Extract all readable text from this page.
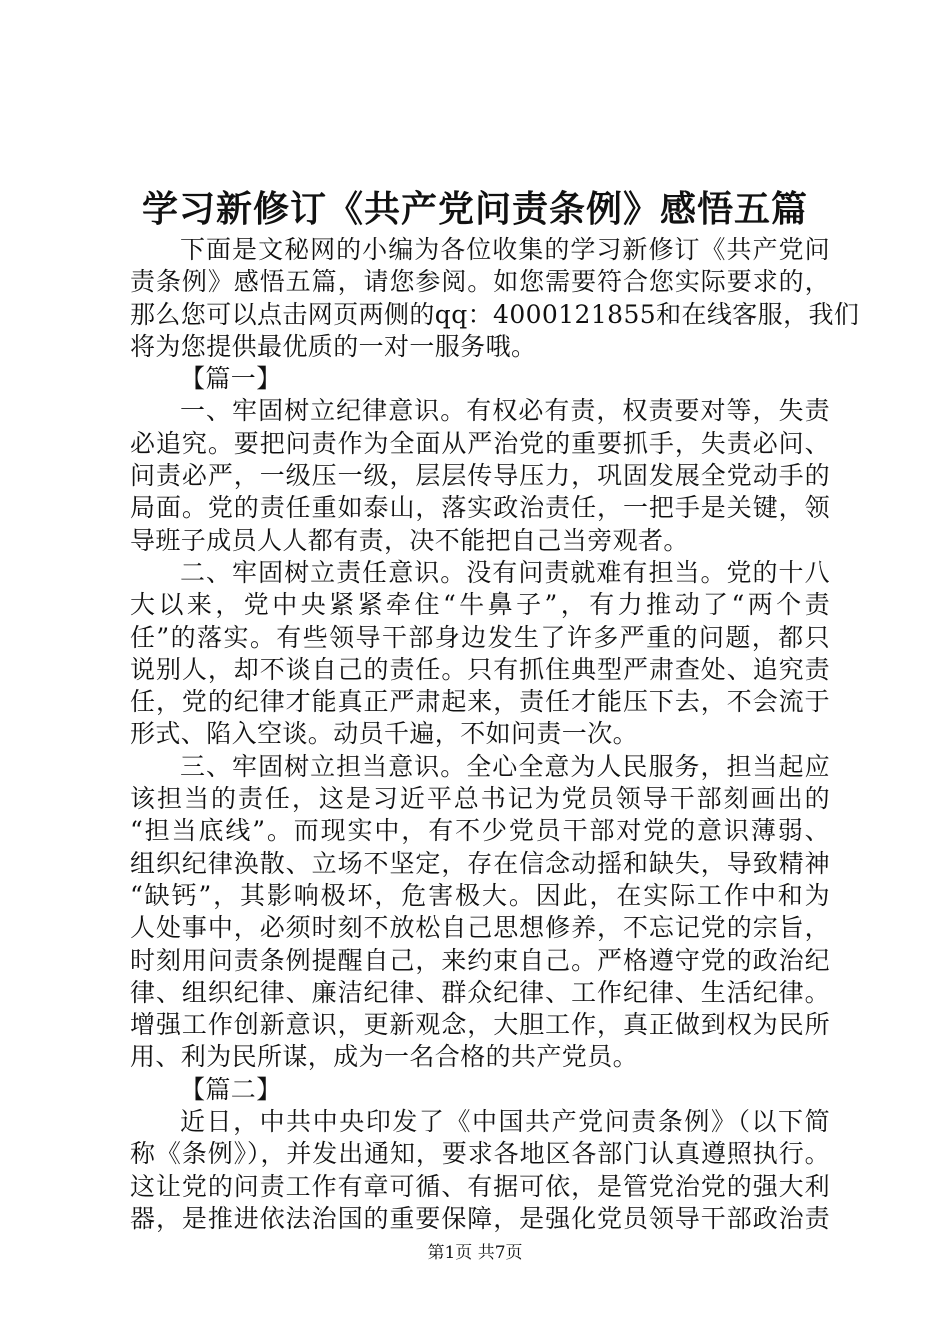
学习新修订《共产党问责条例》感悟五篇
下面是文秘网的小编为各位收集的学习新修订《共产党问
责条例》感悟五篇，请您参阅。如您需要符合您实际要求的，
那么您可以点击网页两侧的qq：4000121855和在线客服，我们
将为您提供最优质的一对一服务哦。
【篇一】
一、牢固树立纪律意识。有权必有责，权责要对等，失责
必追究。要把问责作为全面从严治党的重要抓手，失责必问、
问责必严，一级压一级，层层传导压力，巩固发展全党动手的
局面。党的责任重如泰山，落实政治责任，一把手是关键，领
导班子成员人人都有责，决不能把自己当旁观者。
二、牢固树立责任意识。没有问责就难有担当。党的十八
大以来，党中央紧紧牵住“牛鼻子”，有力推动了“两个责
任”的落实。有些领导干部身边发生了许多严重的问题，都只
说别人，却不谈自己的责任。只有抓住典型严肃查处、追究责
任，党的纪律才能真正严肃起来，责任才能压下去，不会流于
形式、陷入空谈。动员千遍，不如问责一次。
三、牢固树立担当意识。全心全意为人民服务，担当起应
该担当的责任，这是习近平总书记为党员领导干部刻画出的
“担当底线”。而现实中，有不少党员干部对党的意识薄弱、
组织纪律涣散、立场不坚定，存在信念动摇和缺失，导致精神
“缺钙”，其影响极坏，危害极大。因此，在实际工作中和为
人处事中，必须时刻不放松自己思想修养，不忘记党的宗旨，
时刻用问责条例提醒自己，来约束自己。严格遵守党的政治纪
律、组织纪律、廉洁纪律、群众纪律、工作纪律、生活纪律。
增强工作创新意识，更新观念，大胆工作，真正做到权为民所
用、利为民所谋，成为一名合格的共产党员。
【篇二】
近日，中共中央印发了《中国共产党问责条例》（以下简
称《条例》），并发出通知，要求各地区各部门认真遵照执行。
这让党的问责工作有章可循、有据可依，是管党治党的强大利
器，是推进依法治国的重要保障，是强化党员领导干部政治责
第1页 共7页
